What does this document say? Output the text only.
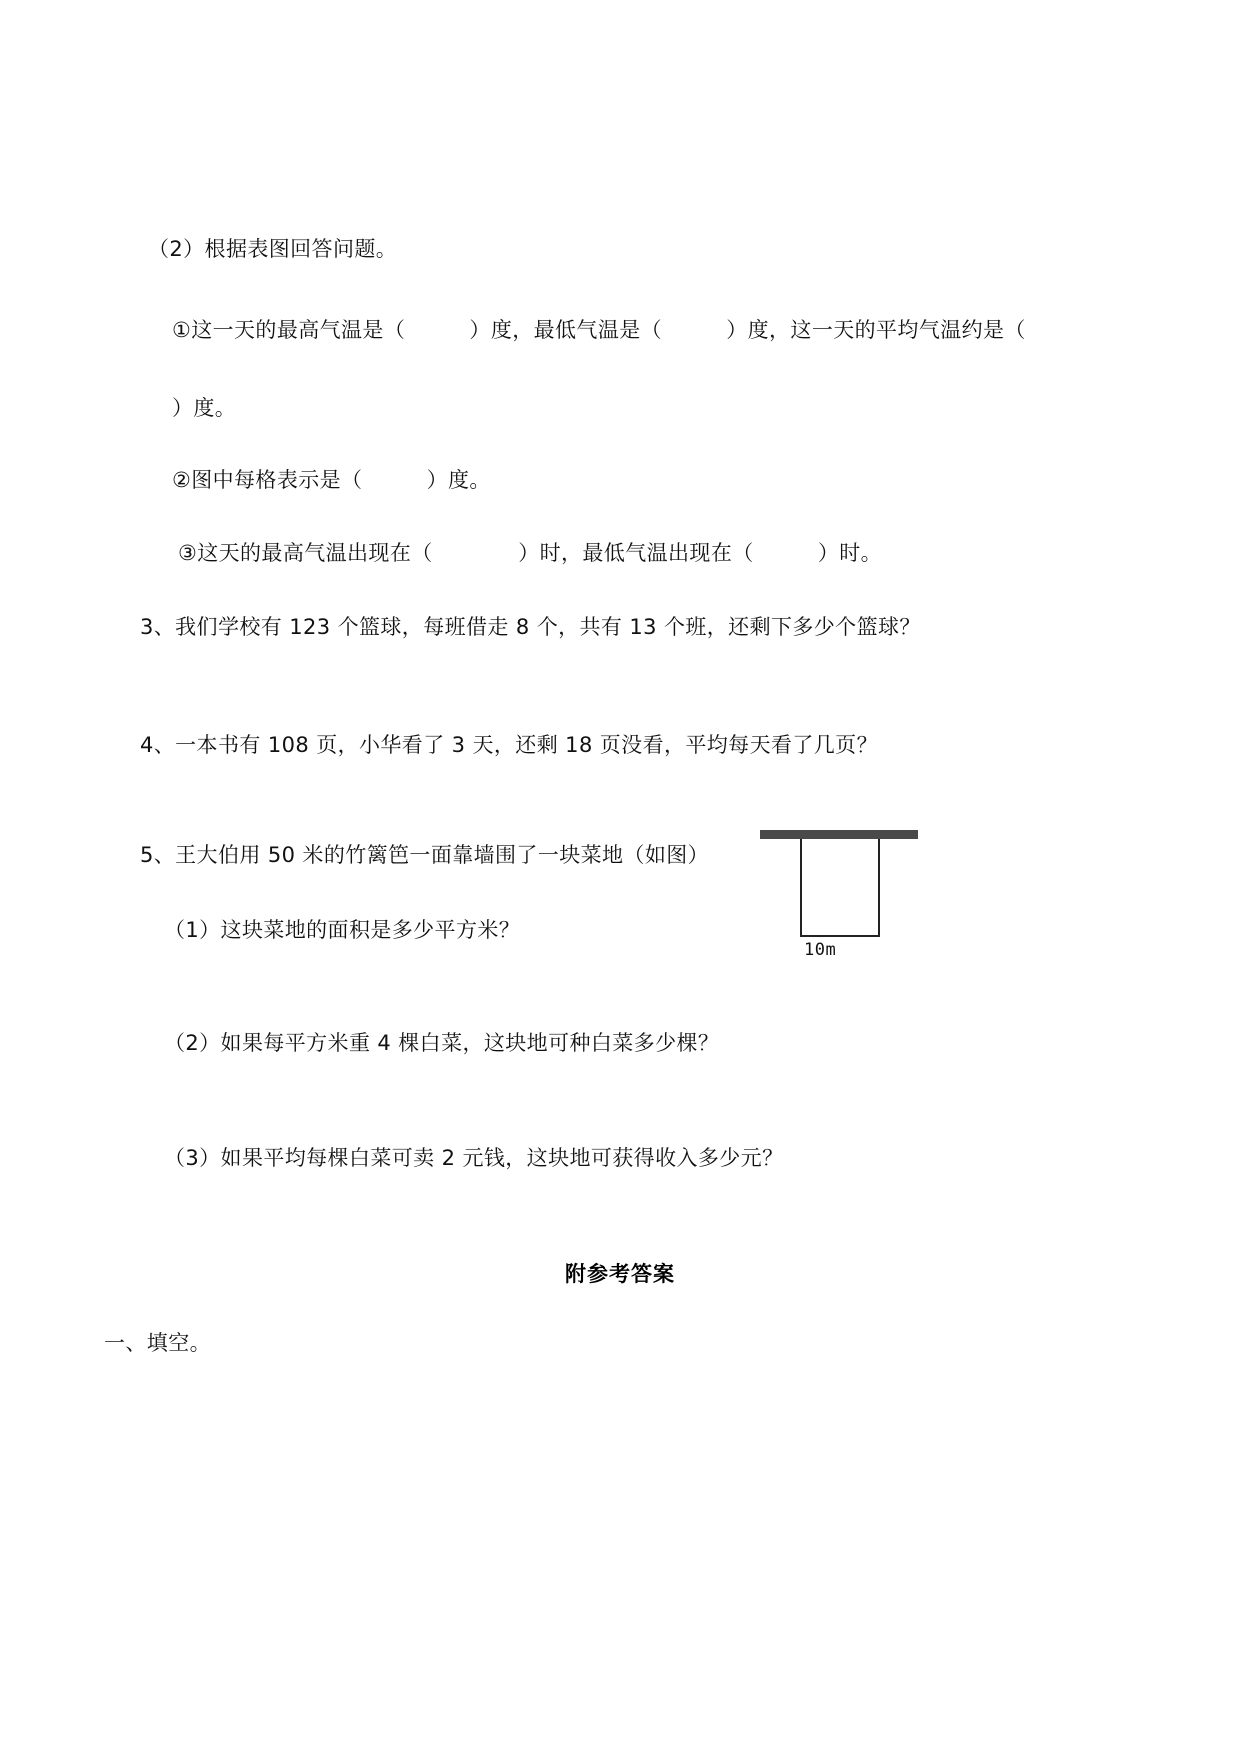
（2）根据表图回答问题。
①这一天的最高气温是（　　　）度，最低气温是（　　　）度，这一天的平均气温约是（
）度。
②图中每格表示是（　　　）度。
③这天的最高气温出现在（　　　　）时，最低气温出现在（　　　）时。
3、我们学校有 123 个篮球，每班借走 8 个，共有 13 个班，还剩下多少个篮球？
4、一本书有 108 页，小华看了 3 天，还剩 18 页没看，平均每天看了几页？
5、王大伯用 50 米的竹篱笆一面靠墙围了一块菜地（如图）
（1）这块菜地的面积是多少平方米？
（2）如果每平方米重 4 棵白菜，这块地可种白菜多少棵？
（3）如果平均每棵白菜可卖 2 元钱，这块地可获得收入多少元？
10m
附参考答案
一、填空。
